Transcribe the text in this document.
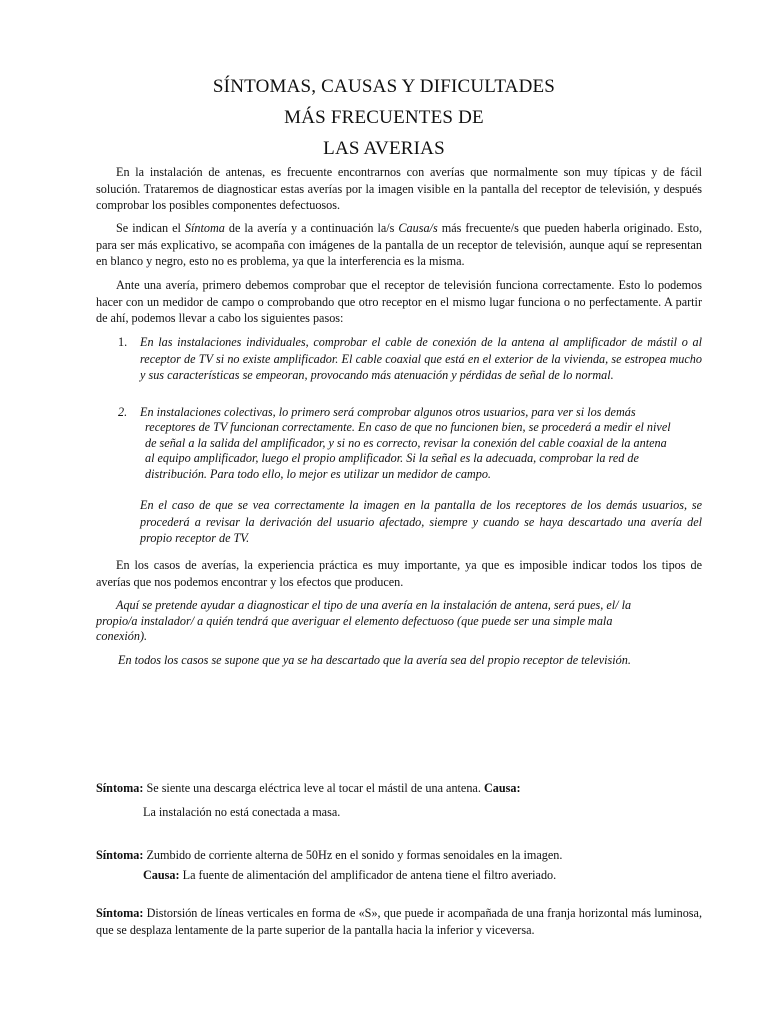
SÍNTOMAS, CAUSAS Y DIFICULTADES
MÁS FRECUENTES DE
LAS AVERIAS

En la instalación de antenas, es frecuente encontrarnos con averías que normalmente son muy típicas y de fácil solución. Trataremos de diagnosticar estas averías por la imagen visible en la pantalla del receptor de televisión, y después comprobar los posibles componentes defectuosos.

Se indican el Síntoma de la avería y a continuación la/s Causa/s más frecuente/s que pueden haberla originado. Esto, para ser más explicativo, se acompaña con imágenes de la pantalla de un receptor de televisión, aunque aquí se representan en blanco y negro, esto no es problema, ya que la interferencia es la misma.

Ante una avería, primero debemos comprobar que el receptor de televisión funciona correctamente. Esto lo podemos hacer con un medidor de campo o comprobando que otro receptor en el mismo lugar funciona o no perfectamente. A partir de ahí, podemos llevar a cabo los siguientes pasos:

1. En las instalaciones individuales, comprobar el cable de conexión de la antena al amplificador de mástil o al receptor de TV si no existe amplificador. El cable coaxial que está en el exterior de la vivienda, se estropea mucho y sus características se empeoran, provocando más atenuación y pérdidas de señal de lo normal.

2. En instalaciones colectivas, lo primero será comprobar algunos otros usuarios, para ver si los demás
receptores de TV funcionan correctamente. En caso de que no funcionen bien, se procederá a medir el nivel
de señal a la salida del amplificador, y si no es correcto, revisar la conexión del cable coaxial de la antena
al equipo amplificador, luego el propio amplificador. Si la señal es la adecuada, comprobar la red de
distribución. Para todo ello, lo mejor es utilizar un medidor de campo.

En el caso de que se vea correctamente la imagen en la pantalla de los receptores de los demás usuarios, se procederá a revisar la derivación del usuario afectado, siempre y cuando se haya descartado una avería del propio receptor de TV.

En los casos de averías, la experiencia práctica es muy importante, ya que es imposible indicar todos los tipos de averías que nos podemos encontrar y los efectos que producen.

Aquí se pretende ayudar a diagnosticar el tipo de una avería en la instalación de antena, será pues, el/ la
propio/a instalador/ a quién tendrá que averiguar el elemento defectuoso (que puede ser una simple mala
conexión).
En todos los casos se supone que ya se ha descartado que la avería sea del propio receptor de televisión.
Síntoma: Se siente una descarga eléctrica leve al tocar el mástil de una antena. Causa:
La instalación no está conectada a masa.
Síntoma: Zumbido de corriente alterna de 50Hz en el sonido y formas senoidales en la imagen.
Causa: La fuente de alimentación del amplificador de antena tiene el filtro averiado.

Síntoma: Distorsión de líneas verticales en forma de «S», que puede ir acompañada de una franja horizontal más luminosa, que se desplaza lentamente de la parte superior de la pantalla hacia la inferior y viceversa.
